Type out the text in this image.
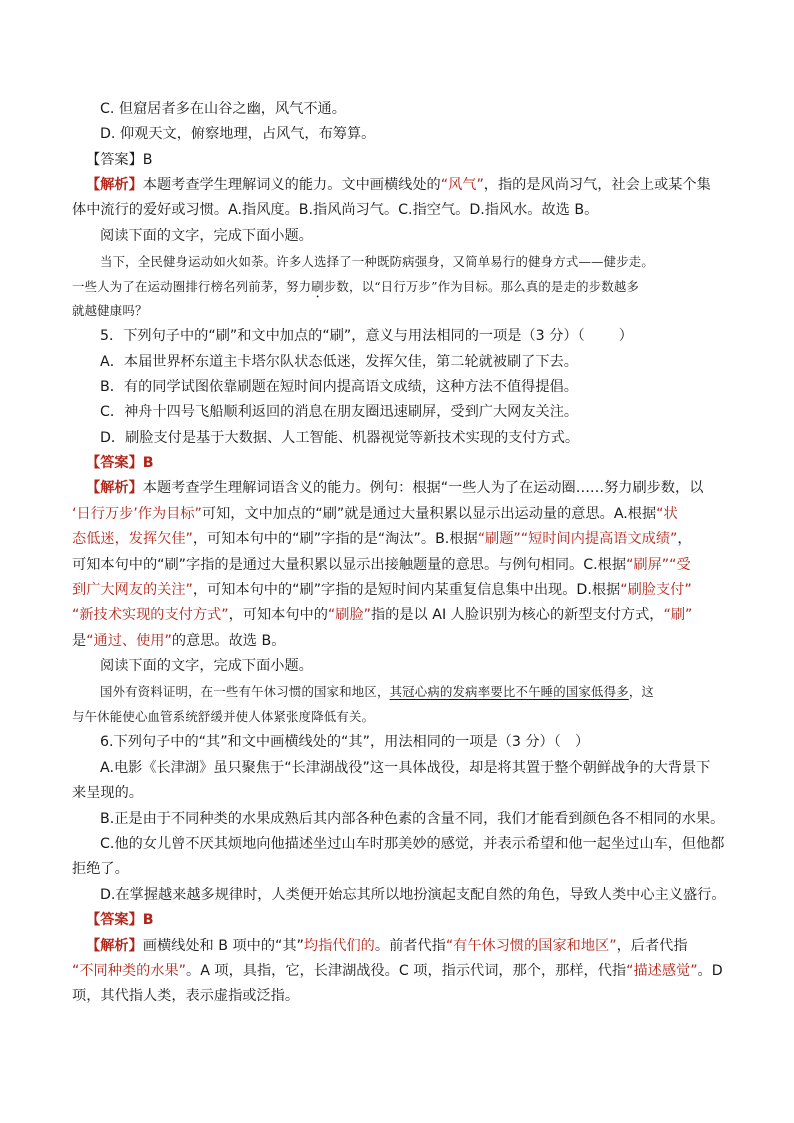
C. 但窟居者多在山谷之幽，风气不通。
D. 仰观天文，俯察地理，占风气，布筹算。
【答案】B
【解析】本题考查学生理解词义的能力。文中画横线处的“风气”，指的是风尚习气，社会上或某个集
体中流行的爱好或习惯。A.指风度。B.指风尚习气。C.指空气。D.指风水。故选 B。
阅读下面的文字，完成下面小题。
当下，全民健身运动如火如荼。许多人选择了一种既防病强身，又简单易行的健身方式——健步走。
一些人为了在运动圈排行榜名列前茅，努力刷步数，以“日行万步”作为目标。那么真的是走的步数越多
就越健康吗？
5．下列句子中的“刷”和文中加点的“刷”，意义与用法相同的一项是（3 分）（ ）
A．本届世界杯东道主卡塔尔队状态低迷，发挥欠佳，第二轮就被刷了下去。
B．有的同学试图依靠刷题在短时间内提高语文成绩，这种方法不值得提倡。
C．神舟十四号飞船顺利返回的消息在朋友圈迅速刷屏，受到广大网友关注。
D．刷脸支付是基于大数据、人工智能、机器视觉等新技术实现的支付方式。
【答案】B
【解析】本题考查学生理解词语含义的能力。例句：根据“一些人为了在运动圈……努力刷步数，以
‘日行万步’作为目标”可知，文中加点的“刷”就是通过大量积累以显示出运动量的意思。A.根据“状
态低迷，发挥欠佳”，可知本句中的“刷”字指的是“淘汰”。B.根据“刷题”“短时间内提高语文成绩”，
可知本句中的“刷”字指的是通过大量积累以显示出接触题量的意思。与例句相同。C.根据“刷屏”“受
到广大网友的关注”，可知本句中的“刷”字指的是短时间内某重复信息集中出现。D.根据“刷脸支付”
“新技术实现的支付方式”，可知本句中的“刷脸”指的是以 AI 人脸识别为核心的新型支付方式，“刷”
是“通过、使用”的意思。故选 B。
阅读下面的文字，完成下面小题。
国外有资料证明，在一些有午休习惯的国家和地区，其冠心病的发病率要比不午睡的国家低得多，这
与午休能使心血管系统舒缓并使人体紧张度降低有关。
6.下列句子中的“其”和文中画横线处的“其”，用法相同的一项是（3 分）（　）
A.电影《长津湖》虽只聚焦于“长津湖战役”这一具体战役，却是将其置于整个朝鲜战争的大背景下
来呈现的。
B.正是由于不同种类的水果成熟后其内部各种色素的含量不同，我们才能看到颜色各不相同的水果。
C.他的女儿曾不厌其烦地向他描述坐过山车时那美妙的感觉，并表示希望和他一起坐过山车，但他都
拒绝了。
D.在掌握越来越多规律时，人类便开始忘其所以地扮演起支配自然的角色，导致人类中心主义盛行。
【答案】B
【解析】画横线处和 B 项中的“其”均指代们的。前者代指“有午休习惯的国家和地区”，后者代指
“不同种类的水果”。A 项，具指，它，长津湖战役。C 项，指示代词，那个，那样，代指“描述感觉”。D
项，其代指人类，表示虚指或泛指。
